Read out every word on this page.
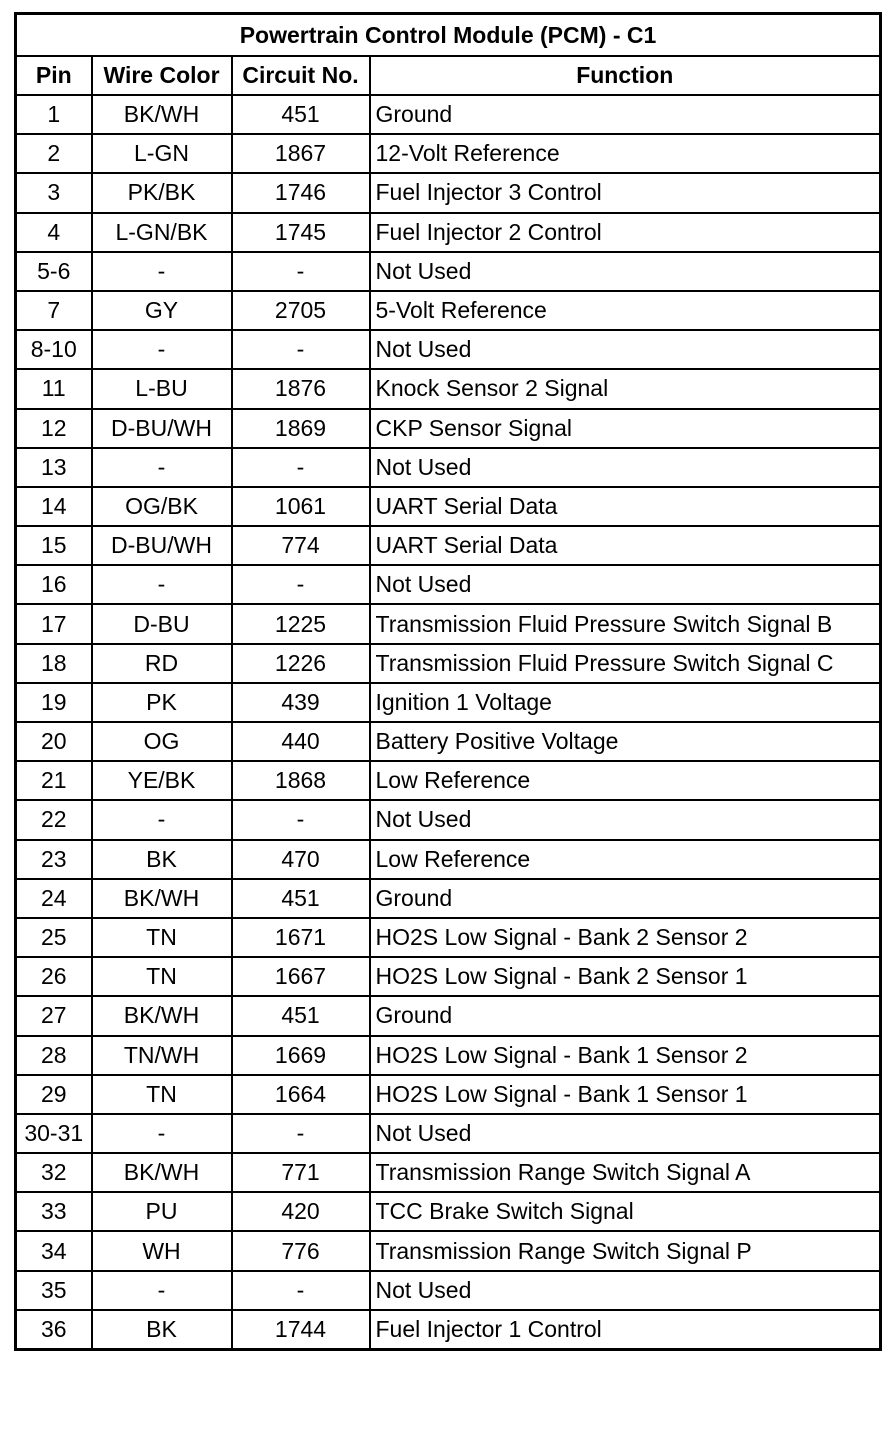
Powertrain Control Module (PCM) - C1			
Pin	Wire Color	Circuit No.	Function
1	BK/WH	451	Ground
2	L-GN	1867	12-Volt Reference
3	PK/BK	1746	Fuel Injector 3 Control
4	L-GN/BK	1745	Fuel Injector 2 Control
5-6	-	-	Not Used
7	GY	2705	5-Volt Reference
8-10	-	-	Not Used
11	L-BU	1876	Knock Sensor 2 Signal
12	D-BU/WH	1869	CKP Sensor Signal
13	-	-	Not Used
14	OG/BK	1061	UART Serial Data
15	D-BU/WH	774	UART Serial Data
16	-	-	Not Used
17	D-BU	1225	Transmission Fluid Pressure Switch Signal B
18	RD	1226	Transmission Fluid Pressure Switch Signal C
19	PK	439	Ignition 1 Voltage
20	OG	440	Battery Positive Voltage
21	YE/BK	1868	Low Reference
22	-	-	Not Used
23	BK	470	Low Reference
24	BK/WH	451	Ground
25	TN	1671	HO2S Low Signal - Bank 2 Sensor 2
26	TN	1667	HO2S Low Signal - Bank 2 Sensor 1
27	BK/WH	451	Ground
28	TN/WH	1669	HO2S Low Signal - Bank 1 Sensor 2
29	TN	1664	HO2S Low Signal - Bank 1 Sensor 1
30-31	-	-	Not Used
32	BK/WH	771	Transmission Range Switch Signal A
33	PU	420	TCC Brake Switch Signal
34	WH	776	Transmission Range Switch Signal P
35	-	-	Not Used
36	BK	1744	Fuel Injector 1 Control
